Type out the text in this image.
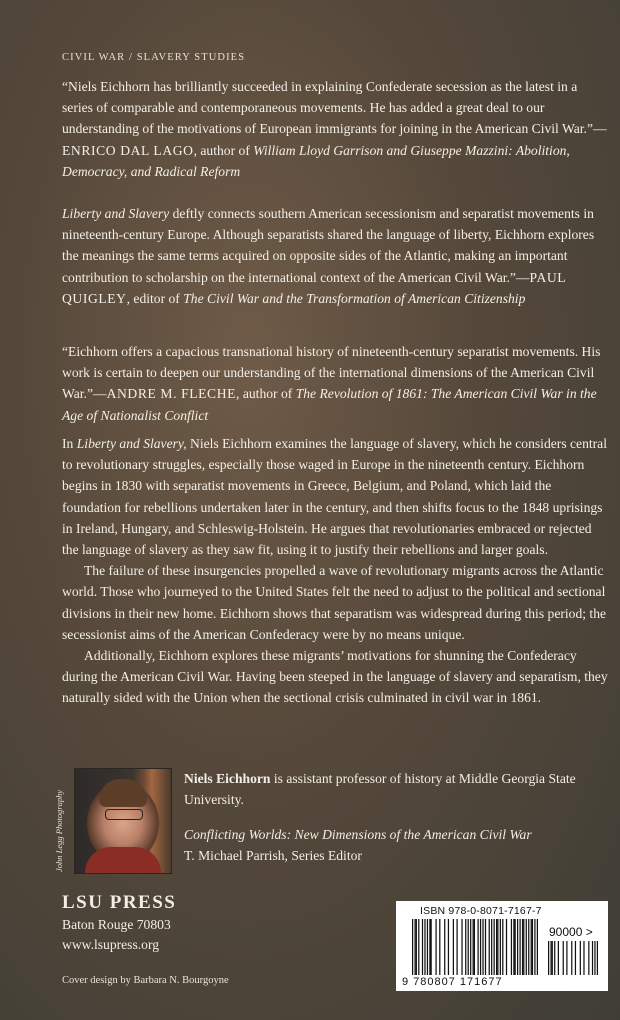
CIVIL WAR / SLAVERY STUDIES

“Niels Eichhorn has brilliantly succeeded in explaining Confederate secession as the latest in a series of comparable and contemporaneous movements. He has added a great deal to our understanding of the motivations of European immigrants for joining in the American Civil War.”—ENRICO DAL LAGO, author of William Lloyd Garrison and Giuseppe Mazzini: Abolition, Democracy, and Radical Reform

Liberty and Slavery deftly connects southern American secessionism and separatist movements in nineteenth-century Europe. Although separatists shared the language of liberty, Eichhorn explores the meanings the same terms acquired on opposite sides of the Atlantic, making an important contribution to scholarship on the international context of the American Civil War.”—PAUL QUIGLEY, editor of The Civil War and the Transformation of American Citizenship

“Eichhorn offers a capacious transnational history of nineteenth-century separatist movements. His work is certain to deepen our understanding of the international dimensions of the American Civil War.”—ANDRE M. FLECHE, author of The Revolution of 1861: The American Civil War in the Age of Nationalist Conflict

In Liberty and Slavery, Niels Eichhorn examines the language of slavery, which he considers central to revolutionary struggles, especially those waged in Europe in the nineteenth century. Eichhorn begins in 1830 with separatist movements in Greece, Belgium, and Poland, which laid the foundation for rebellions undertaken later in the century, and then shifts focus to the 1848 uprisings in Ireland, Hungary, and Schleswig-Holstein. He argues that revolutionaries embraced or rejected the language of slavery as they saw fit, using it to justify their rebellions and larger goals.

The failure of these insurgencies propelled a wave of revolutionary migrants across the Atlantic world. Those who journeyed to the United States felt the need to adjust to the political and sectional divisions in their new home. Eichhorn shows that separatism was widespread during this period; the secessionist aims of the American Confederacy were by no means unique.

Additionally, Eichhorn explores these migrants’ motivations for shunning the Confederacy during the American Civil War. Having been steeped in the language of slavery and separatism, they naturally sided with the Union when the sectional crisis culminated in civil war in 1861.

John Legg Photography

Niels Eichhorn is assistant professor of history at Middle Georgia State University.

Conflicting Worlds: New Dimensions of the American Civil War
T. Michael Parrish, Series Editor

LSU PRESS
Baton Rouge 70803
www.lsupress.org
Cover design by Barbara N. Bourgoyne
ISBN 978-0-8071-7167-7
90000 >
9 780807 171677
